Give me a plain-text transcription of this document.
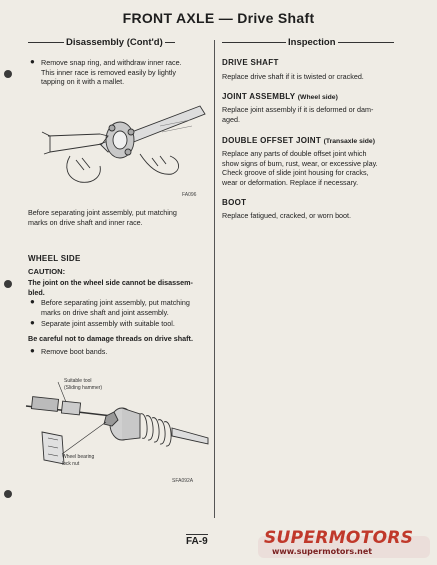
FRONT AXLE — Drive Shaft
Disassembly (Cont'd)	Inspection
● Remove snap ring, and withdraw inner race.
This inner race is removed easily by lightly
tapping on it with a mallet.
FA096
Before separating joint assembly, put matching
marks on drive shaft and inner race.
WHEEL SIDE
CAUTION:
The joint on the wheel side cannot be disassem-
bled.
● Before separating joint assembly, put matching
marks on drive shaft and joint assembly.
● Separate joint assembly with suitable tool.
Be careful not to damage threads on drive shaft.
● Remove boot bands.
Suitable tool
(Sliding hammer)
Wheel bearing
lock nut
SFA092A
DRIVE SHAFT
Replace drive shaft if it is twisted or cracked.
JOINT ASSEMBLY (Wheel side)
Replace joint assembly if it is deformed or dam-
aged.
DOUBLE OFFSET JOINT (Transaxle side)
Replace any parts of double offset joint which
show signs of burn, rust, wear, or excessive play.
Check groove of slide joint housing for cracks,
wear or deformation. Replace if necessary.
BOOT
Replace fatigued, cracked, or worn boot.
FA-9	SUPERMOTORS
www.supermotors.net
